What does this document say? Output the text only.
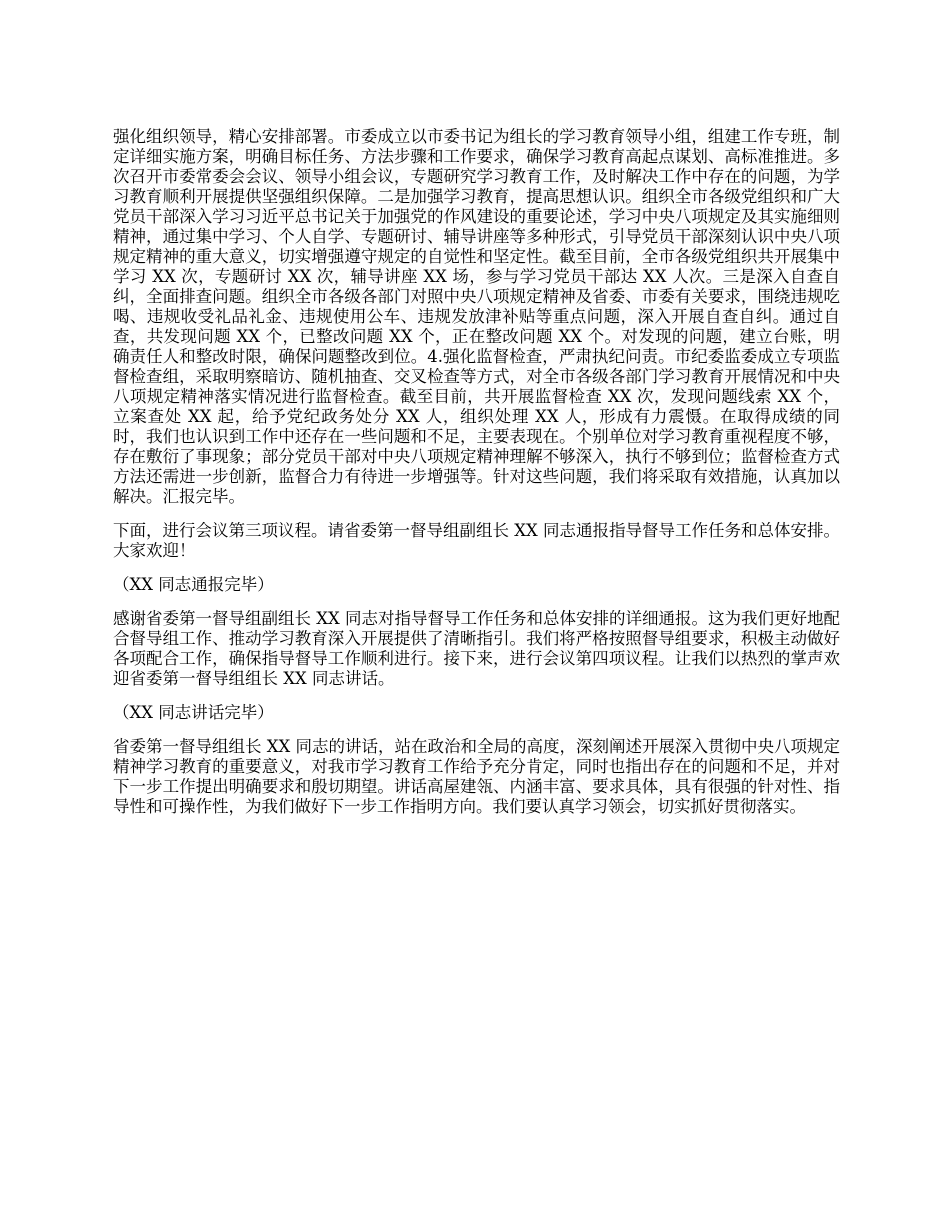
强化组织领导，精心安排部署。市委成立以市委书记为组长的学习教育领导小组，组建工作专班，制定详细实施方案，明确目标任务、方法步骤和工作要求，确保学习教育高起点谋划、高标准推进。多次召开市委常委会会议、领导小组会议，专题研究学习教育工作，及时解决工作中存在的问题，为学习教育顺利开展提供坚强组织保障。二是加强学习教育，提高思想认识。组织全市各级党组织和广大党员干部深入学习习近平总书记关于加强党的作风建设的重要论述，学习中央八项规定及其实施细则精神，通过集中学习、个人自学、专题研讨、辅导讲座等多种形式，引导党员干部深刻认识中央八项规定精神的重大意义，切实增强遵守规定的自觉性和坚定性。截至目前，全市各级党组织共开展集中学习 XX 次，专题研讨 XX 次，辅导讲座 XX 场，参与学习党员干部达 XX 人次。三是深入自查自纠，全面排查问题。组织全市各级各部门对照中央八项规定精神及省委、市委有关要求，围绕违规吃喝、违规收受礼品礼金、违规使用公车、违规发放津补贴等重点问题，深入开展自查自纠。通过自查，共发现问题 XX 个，已整改问题 XX 个，正在整改问题 XX 个。对发现的问题，建立台账，明确责任人和整改时限，确保问题整改到位。4.强化监督检查，严肃执纪问责。市纪委监委成立专项监督检查组，采取明察暗访、随机抽查、交叉检查等方式，对全市各级各部门学习教育开展情况和中央八项规定精神落实情况进行监督检查。截至目前，共开展监督检查 XX 次，发现问题线索 XX 个，立案查处 XX 起，给予党纪政务处分 XX 人，组织处理 XX 人，形成有力震慑。在取得成绩的同时，我们也认识到工作中还存在一些问题和不足，主要表现在。个别单位对学习教育重视程度不够，存在敷衍了事现象；部分党员干部对中央八项规定精神理解不够深入，执行不够到位；监督检查方式方法还需进一步创新，监督合力有待进一步增强等。针对这些问题，我们将采取有效措施，认真加以解决。汇报完毕。

下面，进行会议第三项议程。请省委第一督导组副组长 XX 同志通报指导督导工作任务和总体安排。大家欢迎！

（XX 同志通报完毕）

感谢省委第一督导组副组长 XX 同志对指导督导工作任务和总体安排的详细通报。这为我们更好地配合督导组工作、推动学习教育深入开展提供了清晰指引。我们将严格按照督导组要求，积极主动做好各项配合工作，确保指导督导工作顺利进行。接下来，进行会议第四项议程。让我们以热烈的掌声欢迎省委第一督导组组长 XX 同志讲话。

（XX 同志讲话完毕）

省委第一督导组组长 XX 同志的讲话，站在政治和全局的高度，深刻阐述开展深入贯彻中央八项规定精神学习教育的重要意义，对我市学习教育工作给予充分肯定，同时也指出存在的问题和不足，并对下一步工作提出明确要求和殷切期望。讲话高屋建瓴、内涵丰富、要求具体，具有很强的针对性、指导性和可操作性，为我们做好下一步工作指明方向。我们要认真学习领会，切实抓好贯彻落实。
